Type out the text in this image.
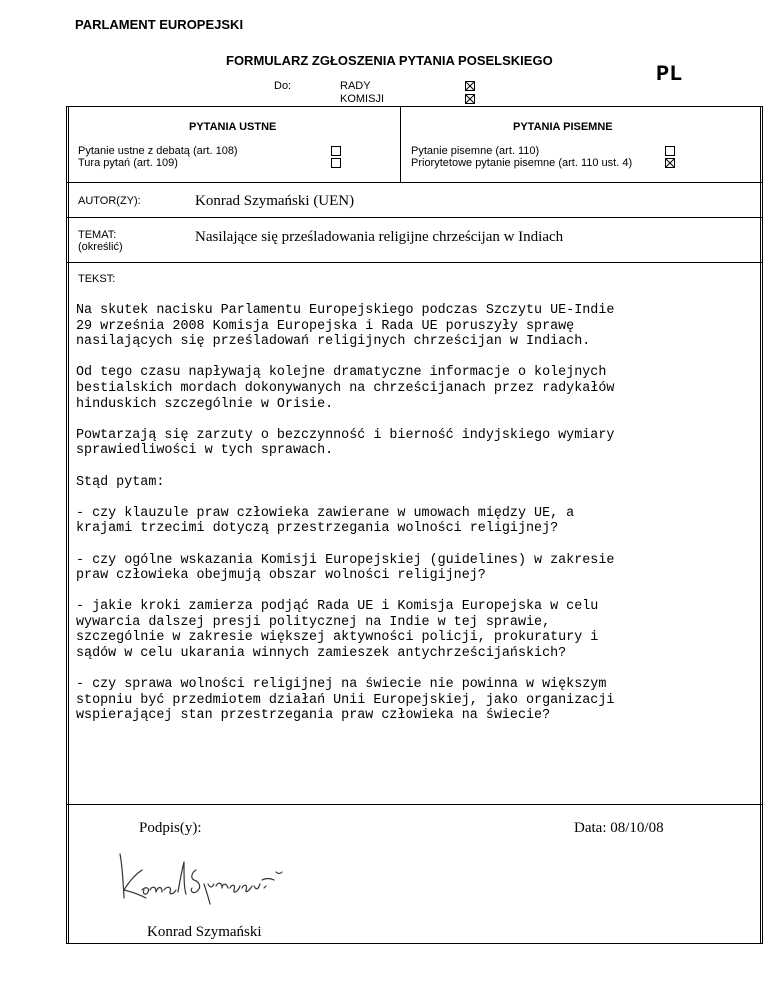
PARLAMENT EUROPEJSKI
FORMULARZ ZGŁOSZENIA PYTANIA POSELSKIEGO
PL
Do:	RADY
KOMISJI
PYTANIA USTNE
Pytanie ustne z debatą (art. 108)
Tura pytań (art. 109)
PYTANIA PISEMNE
Pytanie pisemne (art. 110)
Priorytetowe pytanie pisemne (art. 110 ust. 4)
AUTOR(ZY):	Konrad Szymański (UEN)
TEMAT:
(określić)
Nasilające się prześladowania religijne chrześcijan w Indiach
TEKST:

Na skutek nacisku Parlamentu Europejskiego podczas Szczytu UE-Indie
29 września 2008 Komisja Europejska i Rada UE poruszyły sprawę
nasilających się prześladowań religijnych chrześcijan w Indiach.

Od tego czasu napływają kolejne dramatyczne informacje o kolejnych
bestialskich mordach dokonywanych na chrześcijanach przez radykałów
hinduskich szczególnie w Orisie.

Powtarzają się zarzuty o bezczynność i bierność indyjskiego wymiary
sprawiedliwości w tych sprawach.

Stąd pytam:

- czy klauzule praw człowieka zawierane w umowach między UE, a
krajami trzecimi dotyczą przestrzegania wolności religijnej?

- czy ogólne wskazania Komisji Europejskiej (guidelines) w zakresie
praw człowieka obejmują obszar wolności religijnej?

- jakie kroki zamierza podjąć Rada UE i Komisja Europejska w celu
wywarcia dalszej presji politycznej na Indie w tej sprawie,
szczególnie w zakresie większej aktywności policji, prokuratury i
sądów w celu ukarania winnych zamieszek antychrześcijańskich?

- czy sprawa wolności religijnej na świecie nie powinna w większym
stopniu być przedmiotem działań Unii Europejskiej, jako organizacji
wspierającej stan przestrzegania praw człowieka na świecie?

Podpis(y):	Data: 08/10/08
Konrad Szymański
